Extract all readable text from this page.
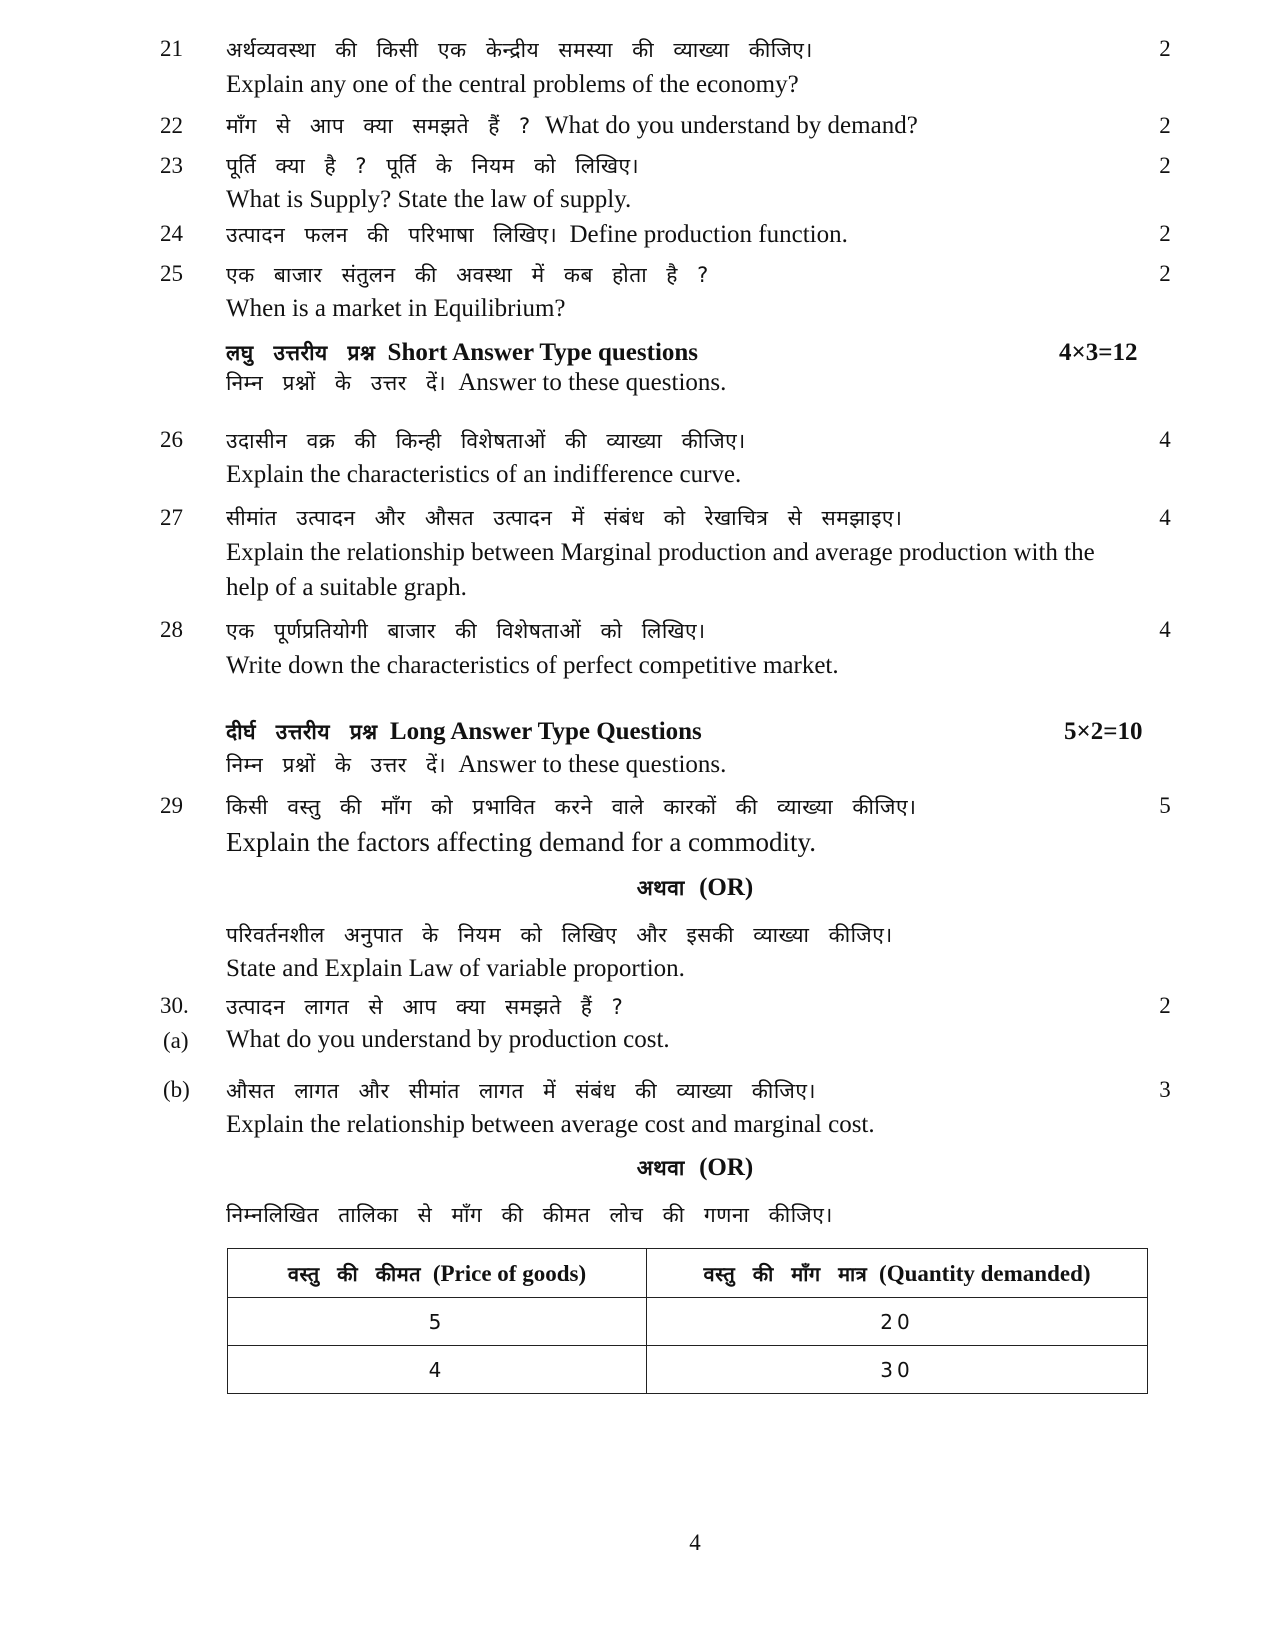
21 अर्थव्यवस्था की किसी एक केन्द्रीय समस्या की व्याख्या कीजिए।	2
Explain any one of the central problems of the economy?
22 माँग से आप क्या समझते हैं ? What do you understand by demand?	2
23 पूर्ति क्या है ? पूर्ति के नियम को लिखिए।	2
What is Supply? State the law of supply.
24 उत्पादन फलन की परिभाषा लिखिए। Define production function.	2
25 एक बाजार संतुलन की अवस्था में कब होता है ?	2
When is a market in Equilibrium?
लघु उत्तरीय प्रश्न Short Answer Type questions	4×3=12
निम्न प्रश्नों के उत्तर दें। Answer to these questions.
26 उदासीन वक्र की किन्ही विशेषताओं की व्याख्या कीजिए।	4
Explain the characteristics of an indifference curve.
27 सीमांत उत्पादन और औसत उत्पादन में संबंध को रेखाचित्र से समझाइए।	4
Explain the relationship between Marginal production and average production with the
help of a suitable graph.
28 एक पूर्णप्रतियोगी बाजार की विशेषताओं को लिखिए।	4
Write down the characteristics of perfect competitive market.
दीर्घ उत्तरीय प्रश्न Long Answer Type Questions	5×2=10
निम्न प्रश्नों के उत्तर दें। Answer to these questions.
29 किसी वस्तु की माँग को प्रभावित करने वाले कारकों की व्याख्या कीजिए।	5
Explain the factors affecting demand for a commodity.
अथवा (OR)
परिवर्तनशील अनुपात के नियम को लिखिए और इसकी व्याख्या कीजिए।
State and Explain Law of variable proportion.
30.
(a)
उत्पादन लागत से आप क्या समझते हैं ?	2
What do you understand by production cost.
(b) औसत लागत और सीमांत लागत में संबंध की व्याख्या कीजिए।	3
Explain the relationship between average cost and marginal cost.
अथवा (OR)
निम्नलिखित तालिका से माँग की कीमत लोच की गणना कीजिए।
वस्तु की कीमत (Price of goods)	वस्तु की माँग मात्र (Quantity demanded)
5	20
4	30
4
